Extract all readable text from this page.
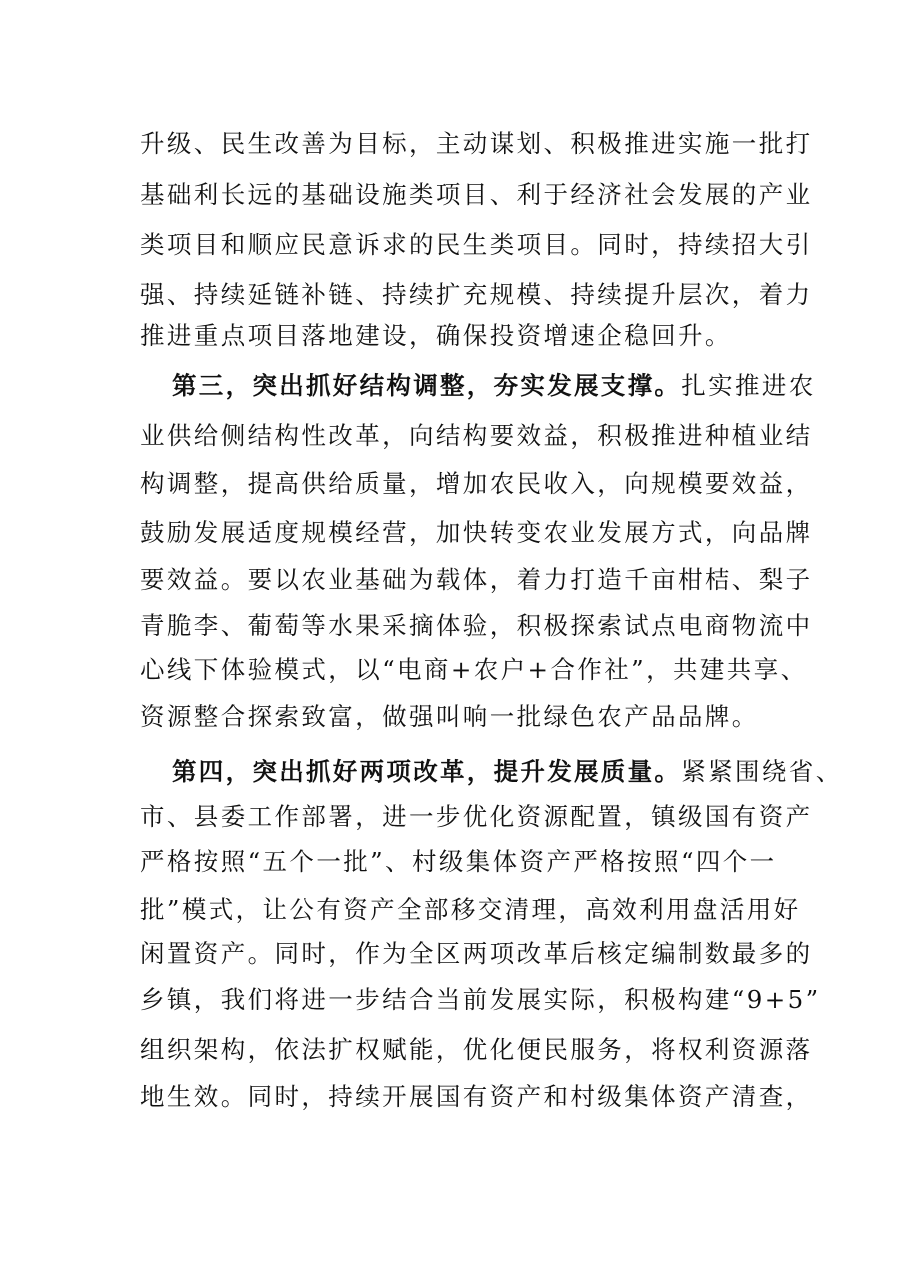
升级、民生改善为目标，主动谋划、积极推进实施一批打

基础利长远的基础设施类项目、利于经济社会发展的产业

类项目和顺应民意诉求的民生类项目。同时，持续招大引

强、持续延链补链、持续扩充规模、持续提升层次，着力

推进重点项目落地建设，确保投资增速企稳回升。

第三，突出抓好结构调整，夯实发展支撑。扎实推进农

业供给侧结构性改革，向结构要效益，积极推进种植业结

构调整，提高供给质量，增加农民收入，向规模要效益，

鼓励发展适度规模经营，加快转变农业发展方式，向品牌

要效益。要以农业基础为载体，着力打造千亩柑桔、梨子

青脆李、葡萄等水果采摘体验，积极探索试点电商物流中

心线下体验模式，以“电商+农户+合作社”，共建共享、

资源整合探索致富，做强叫响一批绿色农产品品牌。

第四，突出抓好两项改革，提升发展质量。紧紧围绕省、

市、县委工作部署，进一步优化资源配置，镇级国有资产

严格按照“五个一批”、村级集体资产严格按照“四个一

批”模式，让公有资产全部移交清理，高效利用盘活用好

闲置资产。同时，作为全区两项改革后核定编制数最多的

乡镇，我们将进一步结合当前发展实际，积极构建“9+5”

组织架构，依法扩权赋能，优化便民服务，将权利资源落

地生效。同时，持续开展国有资产和村级集体资产清查，
